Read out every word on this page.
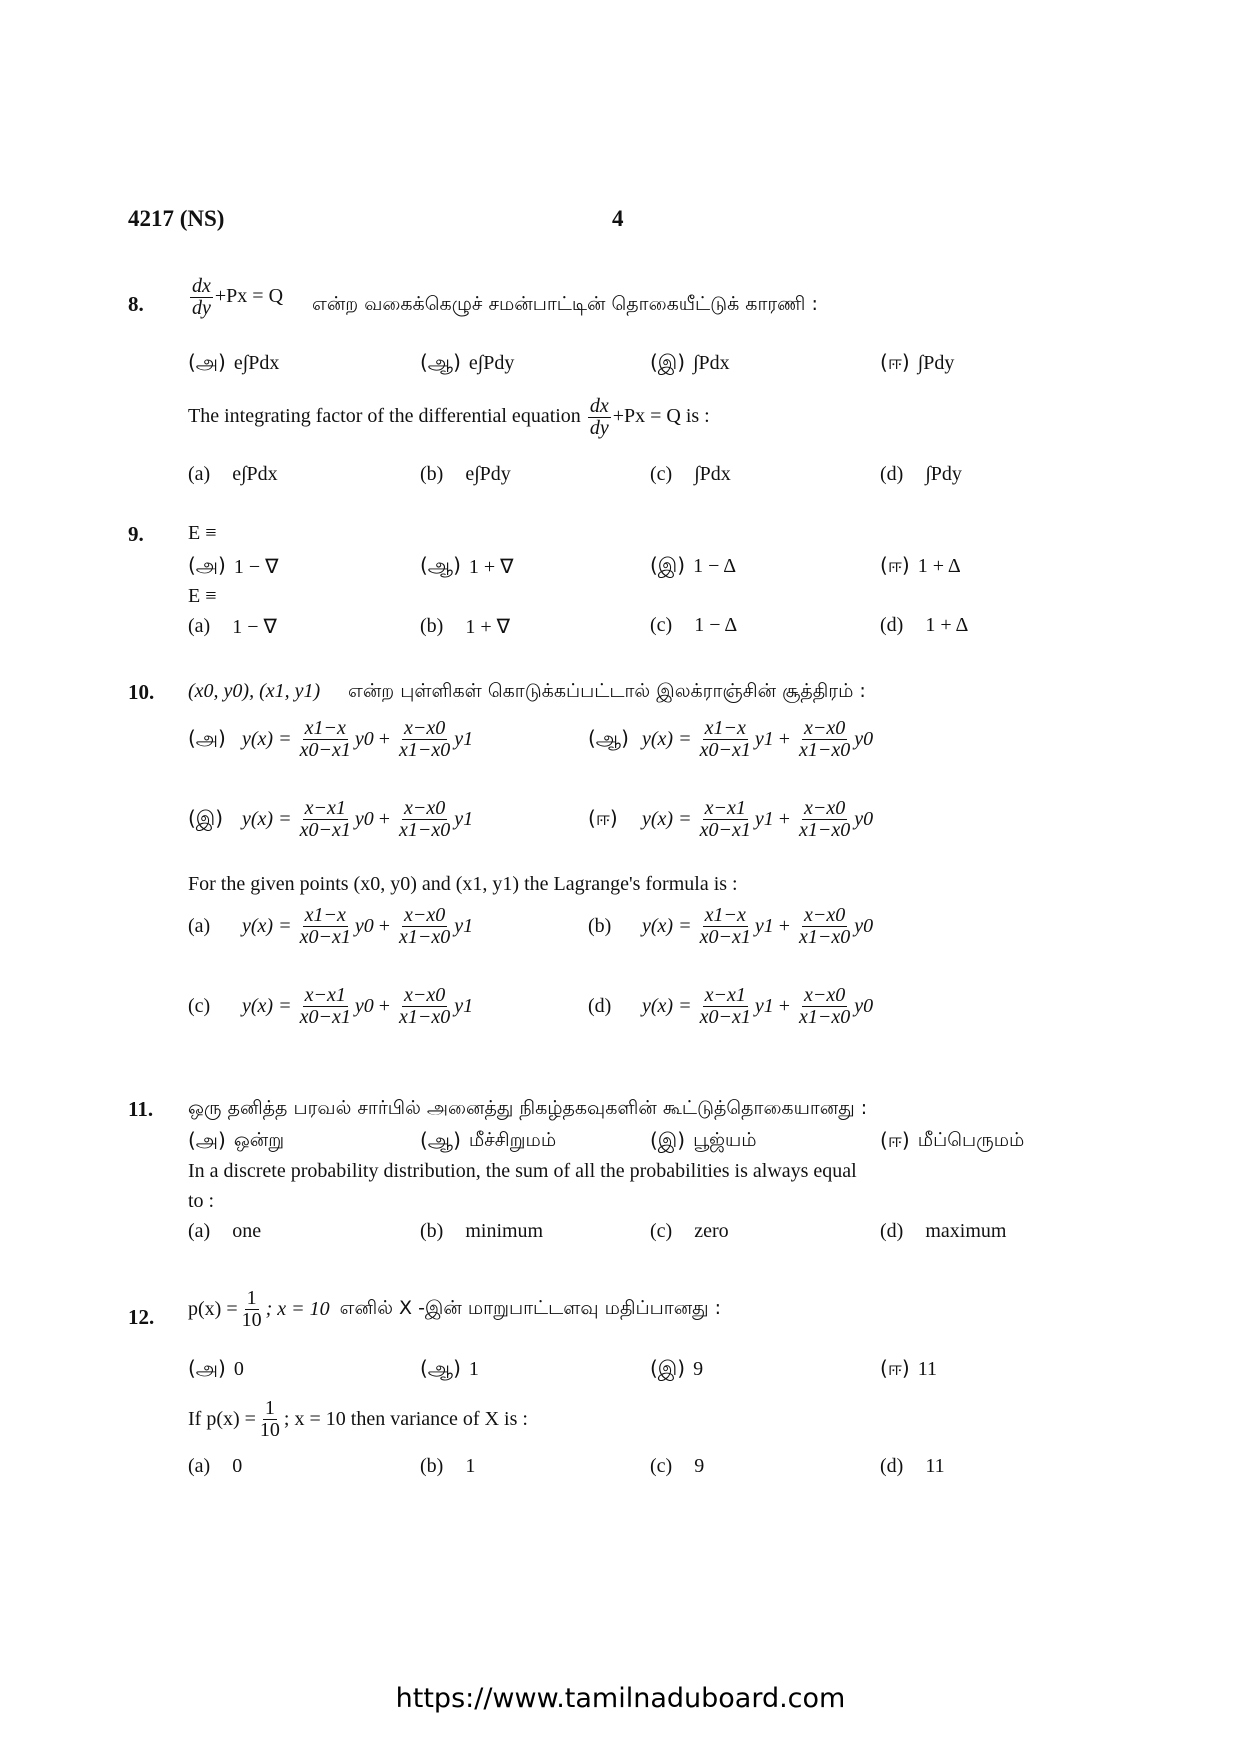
4217 (NS)	4
8. $\frac{dx}{dy} +Px = Q$ என்ற வகைக்கெழுச் சமன்பாட்டின் தொகையீட்டுக் காரணி :
(அ) e∫Pdx	(ஆ) e∫Pdy	(இ) ∫Pdx	(ஈ) ∫Pdy
The integrating factor of the differential equation $\frac{dx}{dy} +Px = Q$ is :
(a) e∫Pdx	(b) e∫Pdy	(c) ∫Pdx	(d) ∫Pdy
9. E ≡
(அ) 1 − ∇	(ஆ) 1 + ∇	(இ) 1 − Δ	(ஈ) 1 + Δ
E ≡
(a) 1 − ∇	(b) 1 + ∇	(c) 1 − Δ	(d) 1 + Δ
10. (x0, y0), (x1, y1) என்ற புள்ளிகள் கொடுக்கப்பட்டால் இலக்ராஞ்சின் சூத்திரம் :
(அ) $y(x) = \frac{x1-x}{x0-x1} y0 + \frac{x-x0}{x1-x0} y1$	(ஆ) $y(x) = \frac{x1-x}{x0-x1} y1 + \frac{x-x0}{x1-x0} y0$
(இ) $y(x) = \frac{x-x1}{x0-x1} y0 + \frac{x-x0}{x1-x0} y1$	(ஈ)	$y(x) = \frac{x-x1}{x0-x1} y1 + \frac{x-x0}{x1-x0} y0$
For the given points (x0, y0) and (x1, y1) the Lagrange's formula is :
(a)	$y(x) = \frac{x1-x}{x0-x1} y0 + \frac{x-x0}{x1-x0} y1$	(b)	$y(x) = \frac{x1-x}{x0-x1} y1 + \frac{x-x0}{x1-x0} y0$
(c)	$y(x) = \frac{x-x1}{x0-x1} y0 + \frac{x-x0}{x1-x0} y1$	(d)	$y(x) = \frac{x-x1}{x0-x1} y1 + \frac{x-x0}{x1-x0} y0$
11. ஒரு தனித்த பரவல் சார்பில் அனைத்து நிகழ்தகவுகளின் கூட்டுத்தொகையானது :
(அ) ஒன்று	(ஆ) மீச்சிறுமம்	(இ) பூஜ்யம்	(ஈ) மீப்பெருமம்
In a discrete probability distribution, the sum of all the probabilities is always equal
to :
(a) one	(b) minimum	(c) zero	(d) maximum
12. $p(x) = \frac{1}{10}$ ; x = 10 எனில் X -இன் மாறுபாட்டளவு மதிப்பானது :
(அ) 0	(ஆ) 1	(இ) 9	(ஈ) 11
If $p(x) = \frac{1}{10}$ ; x = 10 then variance of X is :
(a) 0	(b) 1	(c) 9	(d) 11
https://www.tamilnaduboard.com
